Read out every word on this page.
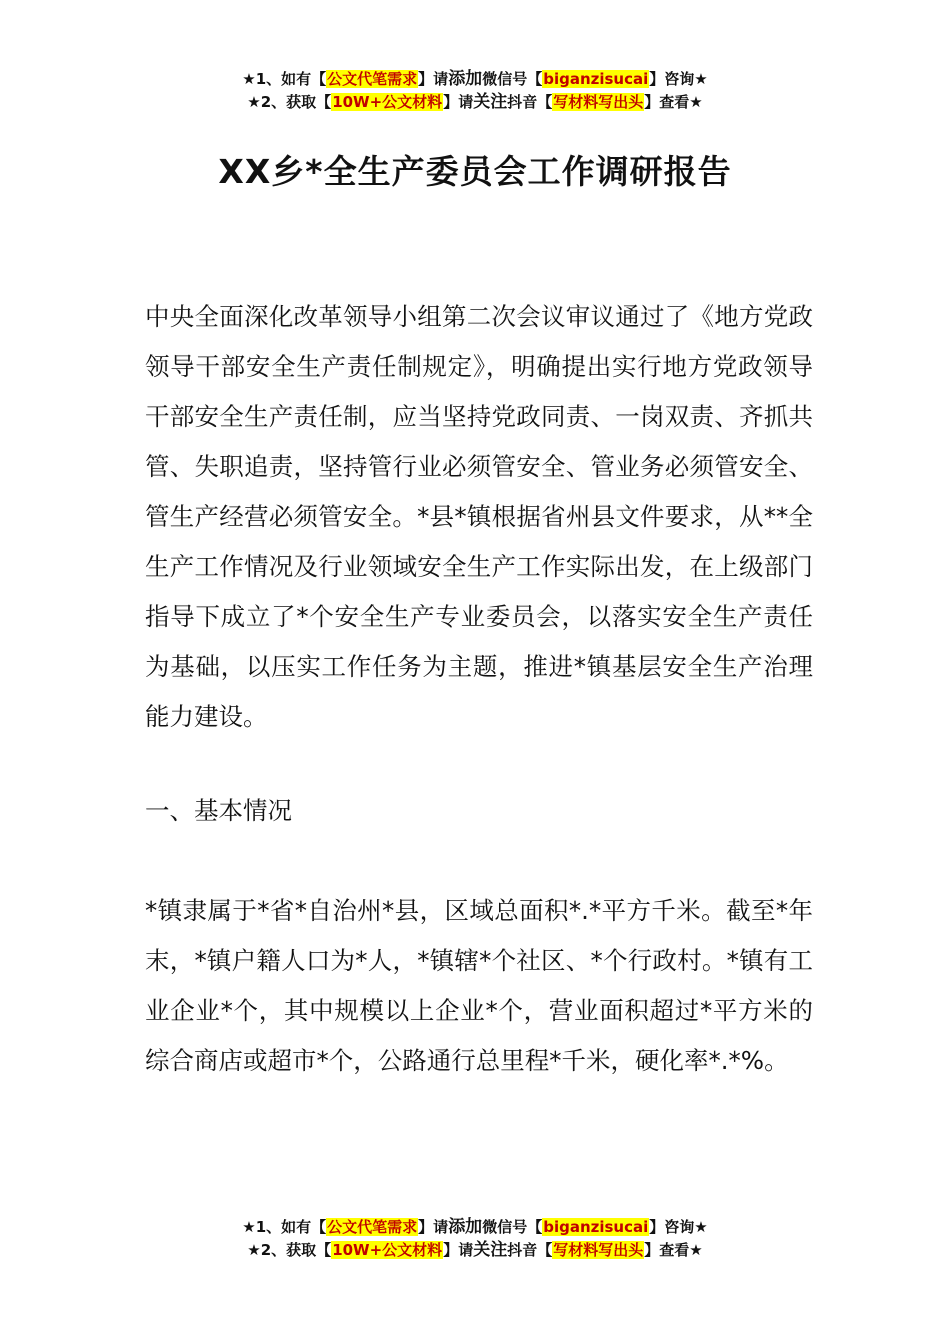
★1、如有【公文代笔需求】请添加微信号【biganzisucai】咨询★
★2、获取【10W+公文材料】请关注抖音【写材料写出头】查看★
XX乡*全生产委员会工作调研报告

中央全面深化改革领导小组第二次会议审议通过了《地方党政领导干部安全生产责任制规定》，明确提出实行地方党政领导干部安全生产责任制，应当坚持党政同责、一岗双责、齐抓共管、失职追责，坚持管行业必须管安全、管业务必须管安全、管生产经营必须管安全。*县*镇根据省州县文件要求，从**全生产工作情况及行业领域安全生产工作实际出发，在上级部门指导下成立了*个安全生产专业委员会，以落实安全生产责任为基础，以压实工作任务为主题，推进*镇基层安全生产治理能力建设。

一、基本情况

*镇隶属于*省*自治州*县，区域总面积*.*平方千米。截至*年末，*镇户籍人口为*人，*镇辖*个社区、*个行政村。*镇有工业企业*个，其中规模以上企业*个，营业面积超过*平方米的综合商店或超市*个，公路通行总里程*千米，硬化率*.*%。

★1、如有【公文代笔需求】请添加微信号【biganzisucai】咨询★
★2、获取【10W+公文材料】请关注抖音【写材料写出头】查看★
